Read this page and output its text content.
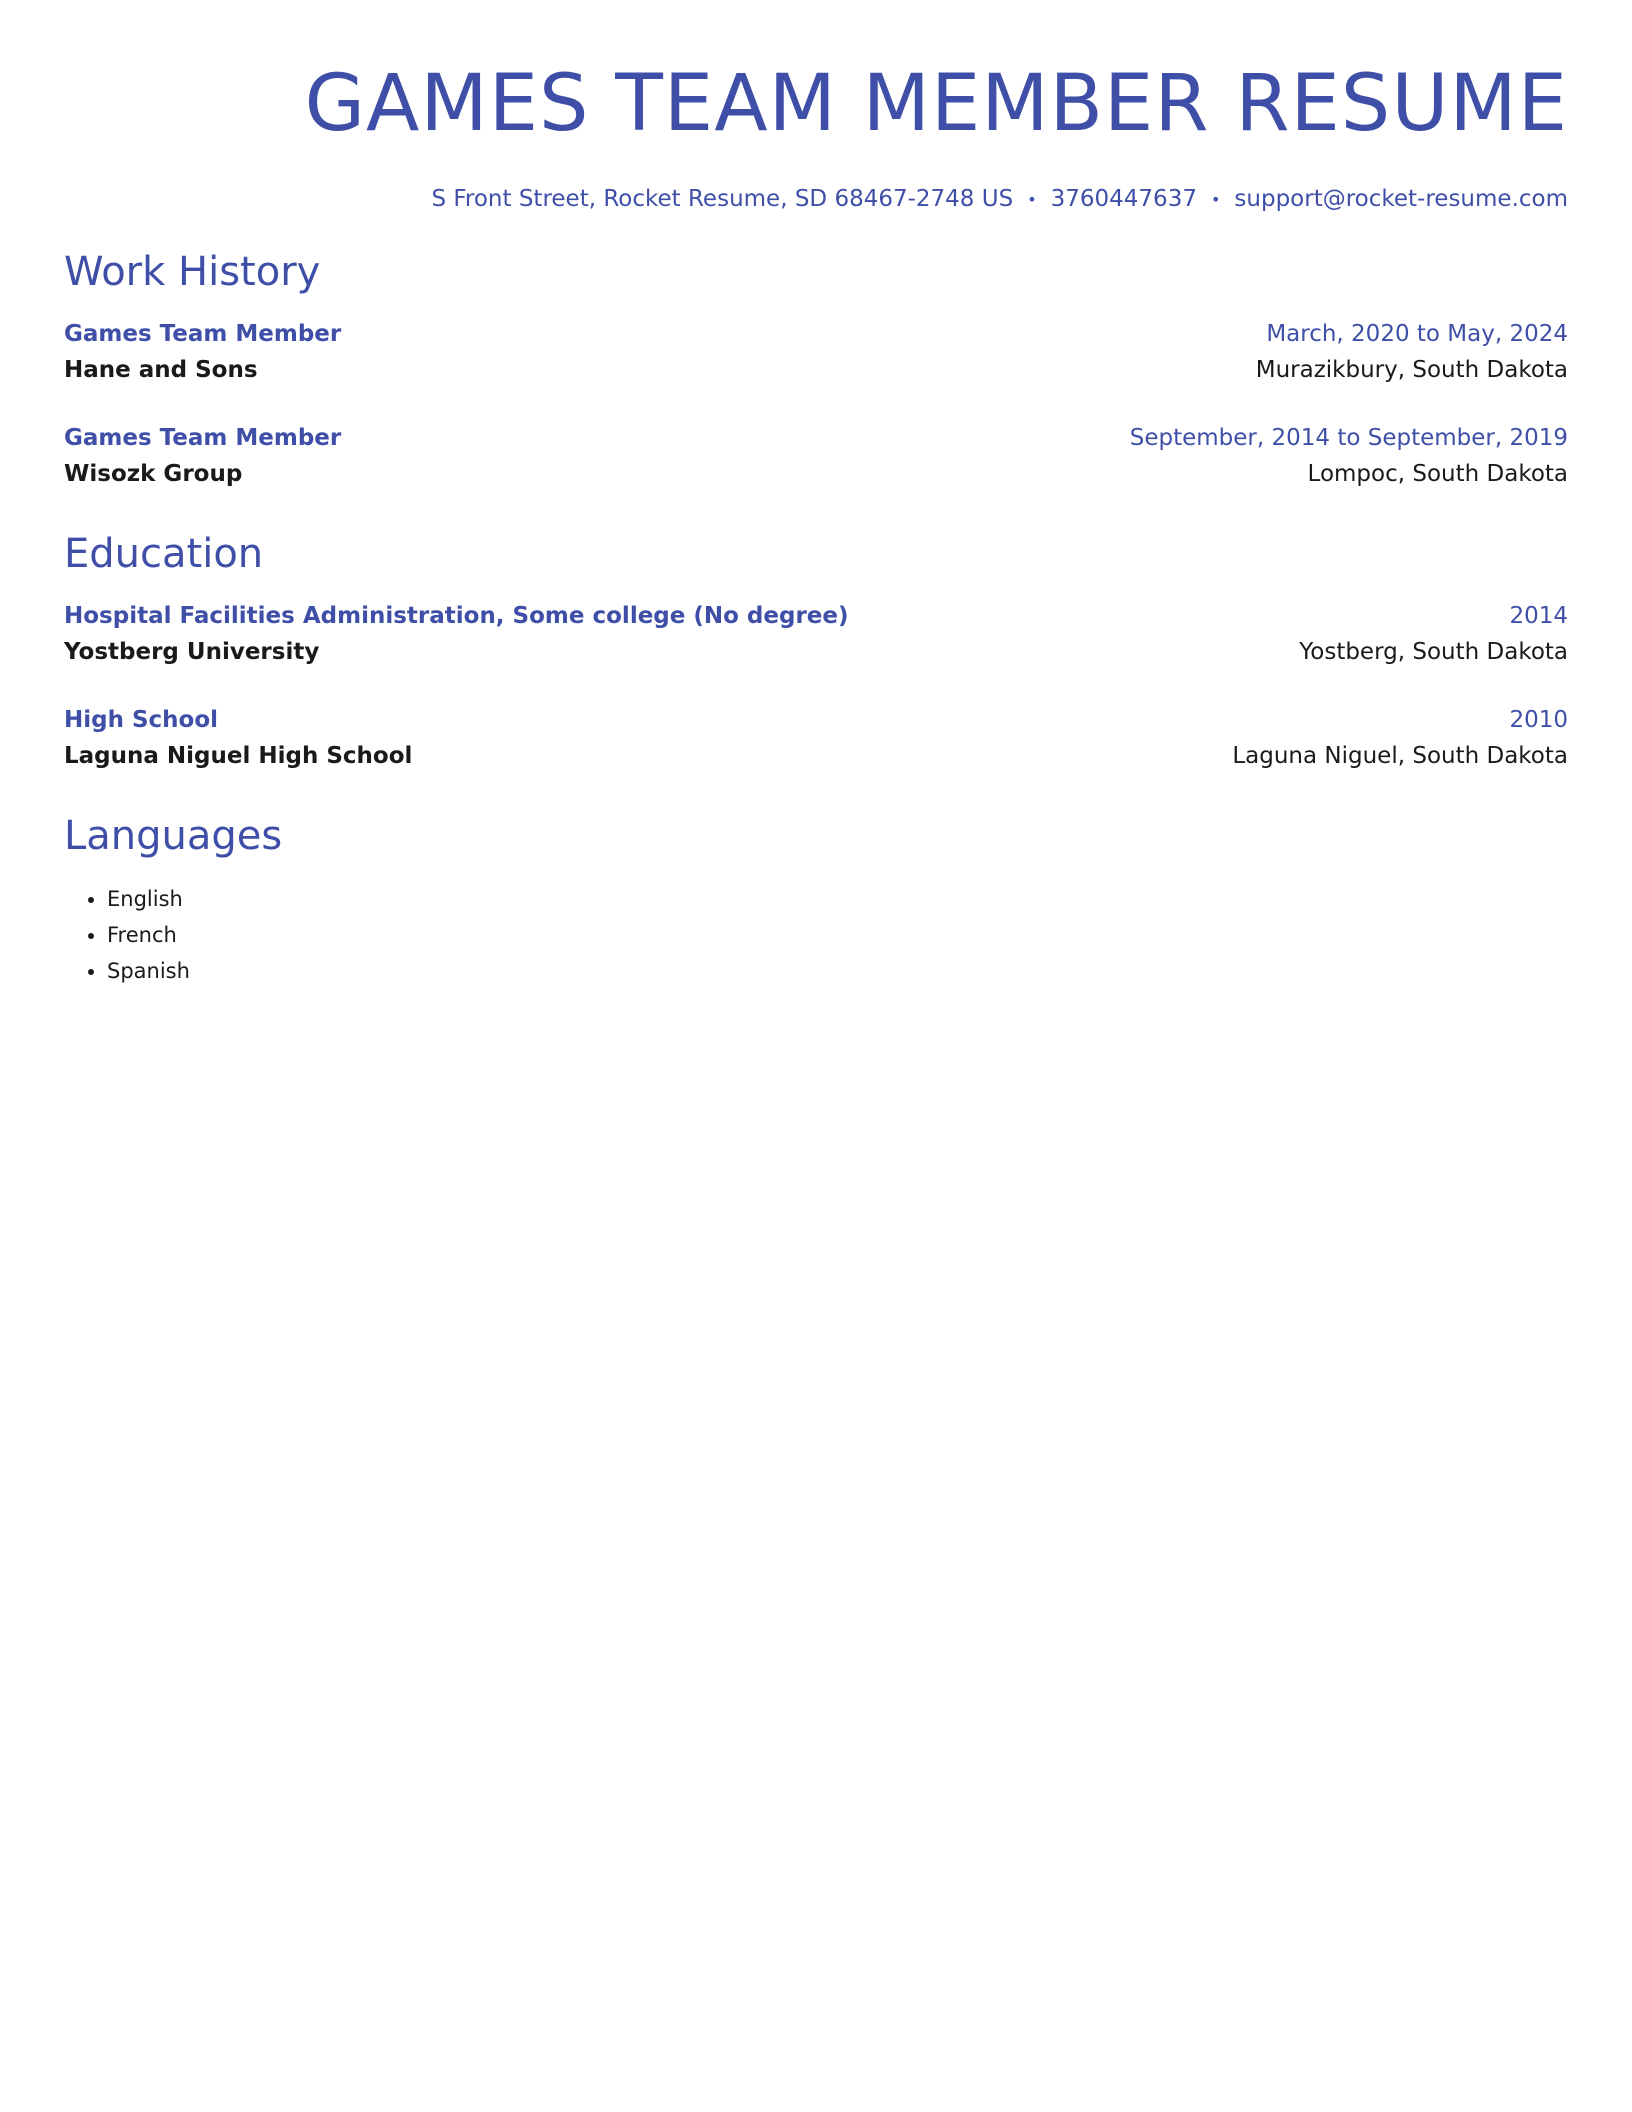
GAMES TEAM MEMBER RESUME
S Front Street, Rocket Resume, SD 68467-2748 US • 3760447637 • support@rocket-resume.com
Work History
Games Team Member	March, 2020 to May, 2024
Hane and Sons	Murazikbury, South Dakota
Games Team Member	September, 2014 to September, 2019
Wisozk Group	Lompoc, South Dakota
Education
Hospital Facilities Administration, Some college (No degree)	2014
Yostberg University	Yostberg, South Dakota
High School	2010
Laguna Niguel High School	Laguna Niguel, South Dakota
Languages
• English
• French
• Spanish
